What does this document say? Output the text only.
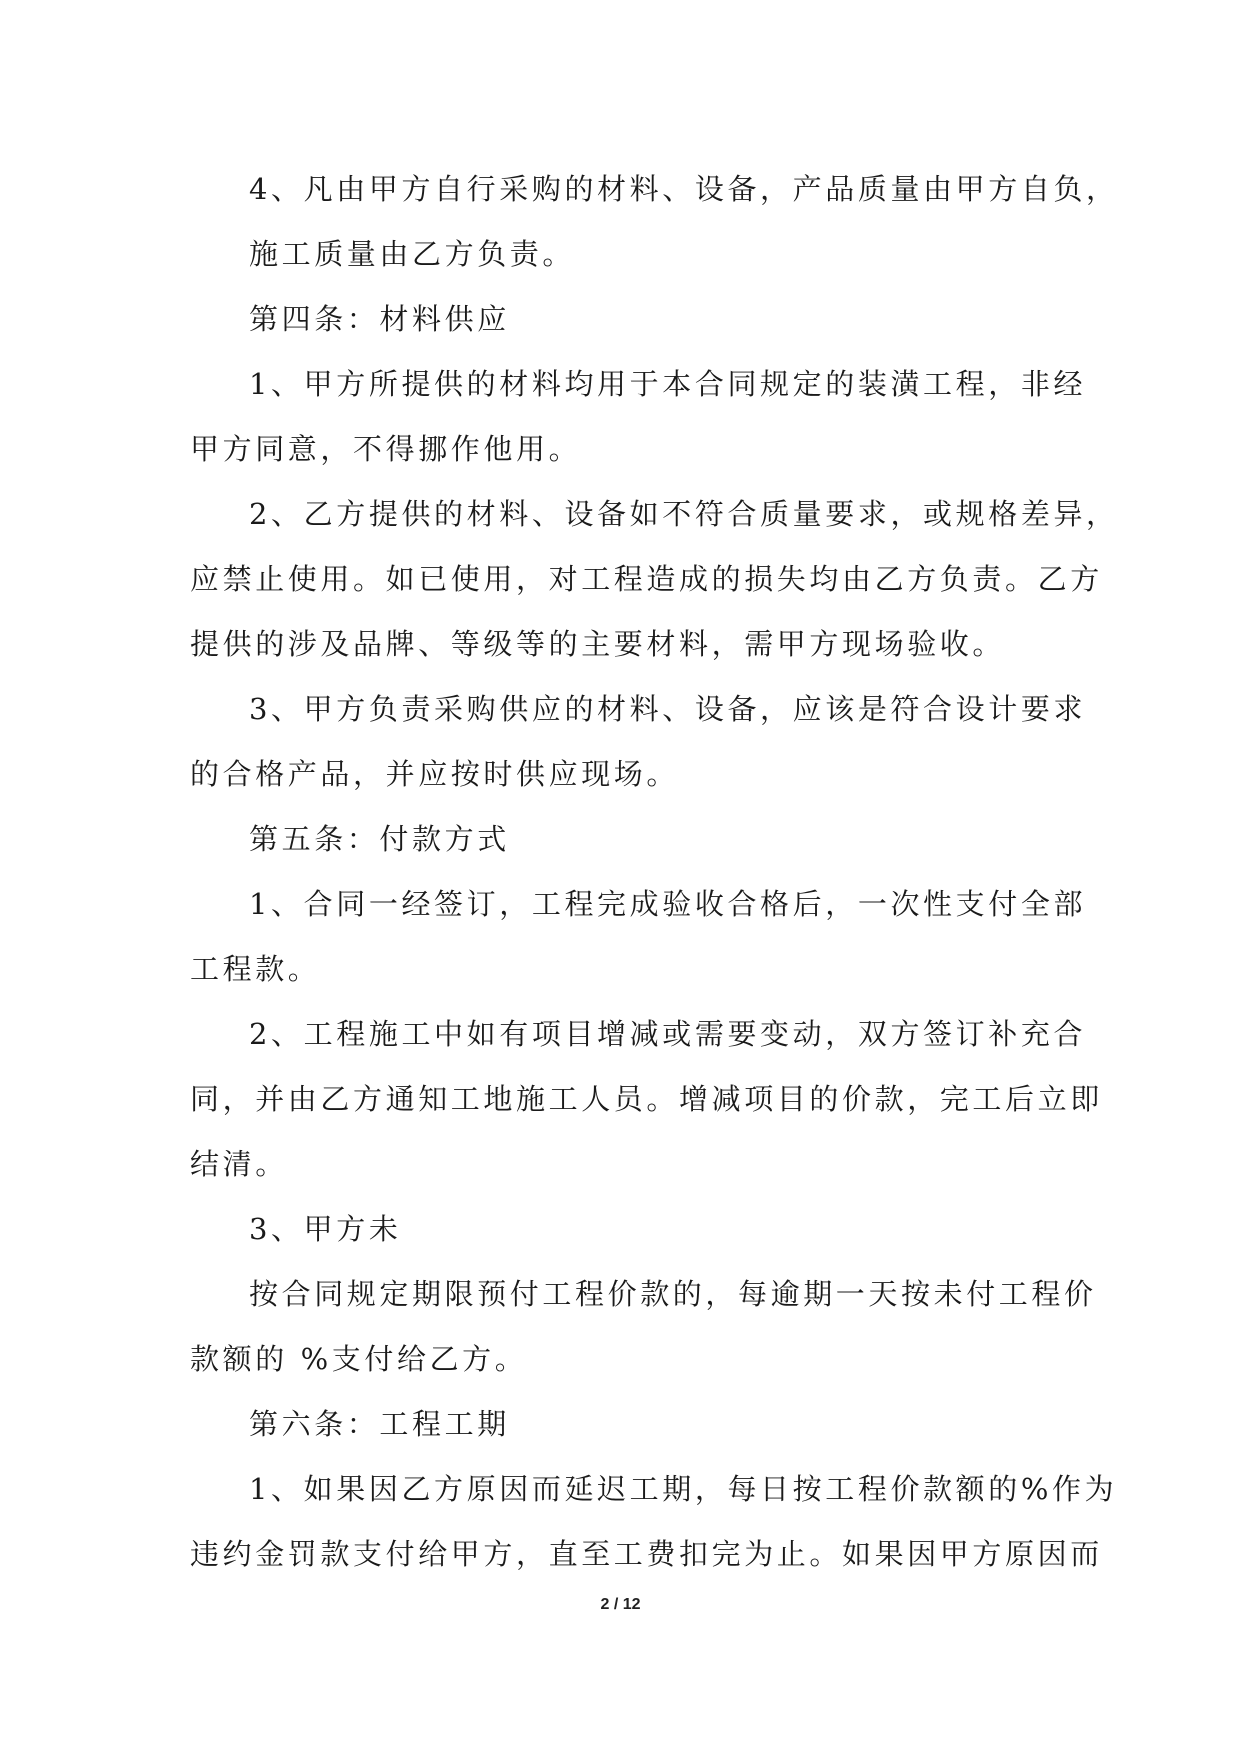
4、凡由甲方自行采购的材料、设备，产品质量由甲方自负，
施工质量由乙方负责。
第四条：材料供应
1、甲方所提供的材料均用于本合同规定的装潢工程，非经
甲方同意，不得挪作他用。
2、乙方提供的材料、设备如不符合质量要求，或规格差异，
应禁止使用。如已使用，对工程造成的损失均由乙方负责。乙方
提供的涉及品牌、等级等的主要材料，需甲方现场验收。
3、甲方负责采购供应的材料、设备，应该是符合设计要求
的合格产品，并应按时供应现场。
第五条：付款方式
1、合同一经签订，工程完成验收合格后，一次性支付全部
工程款。
2、工程施工中如有项目增减或需要变动，双方签订补充合
同，并由乙方通知工地施工人员。增减项目的价款，完工后立即
结清。
3、甲方未
按合同规定期限预付工程价款的，每逾期一天按未付工程价
款额的 %支付给乙方。
第六条：工程工期
1、如果因乙方原因而延迟工期，每日按工程价款额的%作为
违约金罚款支付给甲方，直至工费扣完为止。如果因甲方原因而
2 / 12
